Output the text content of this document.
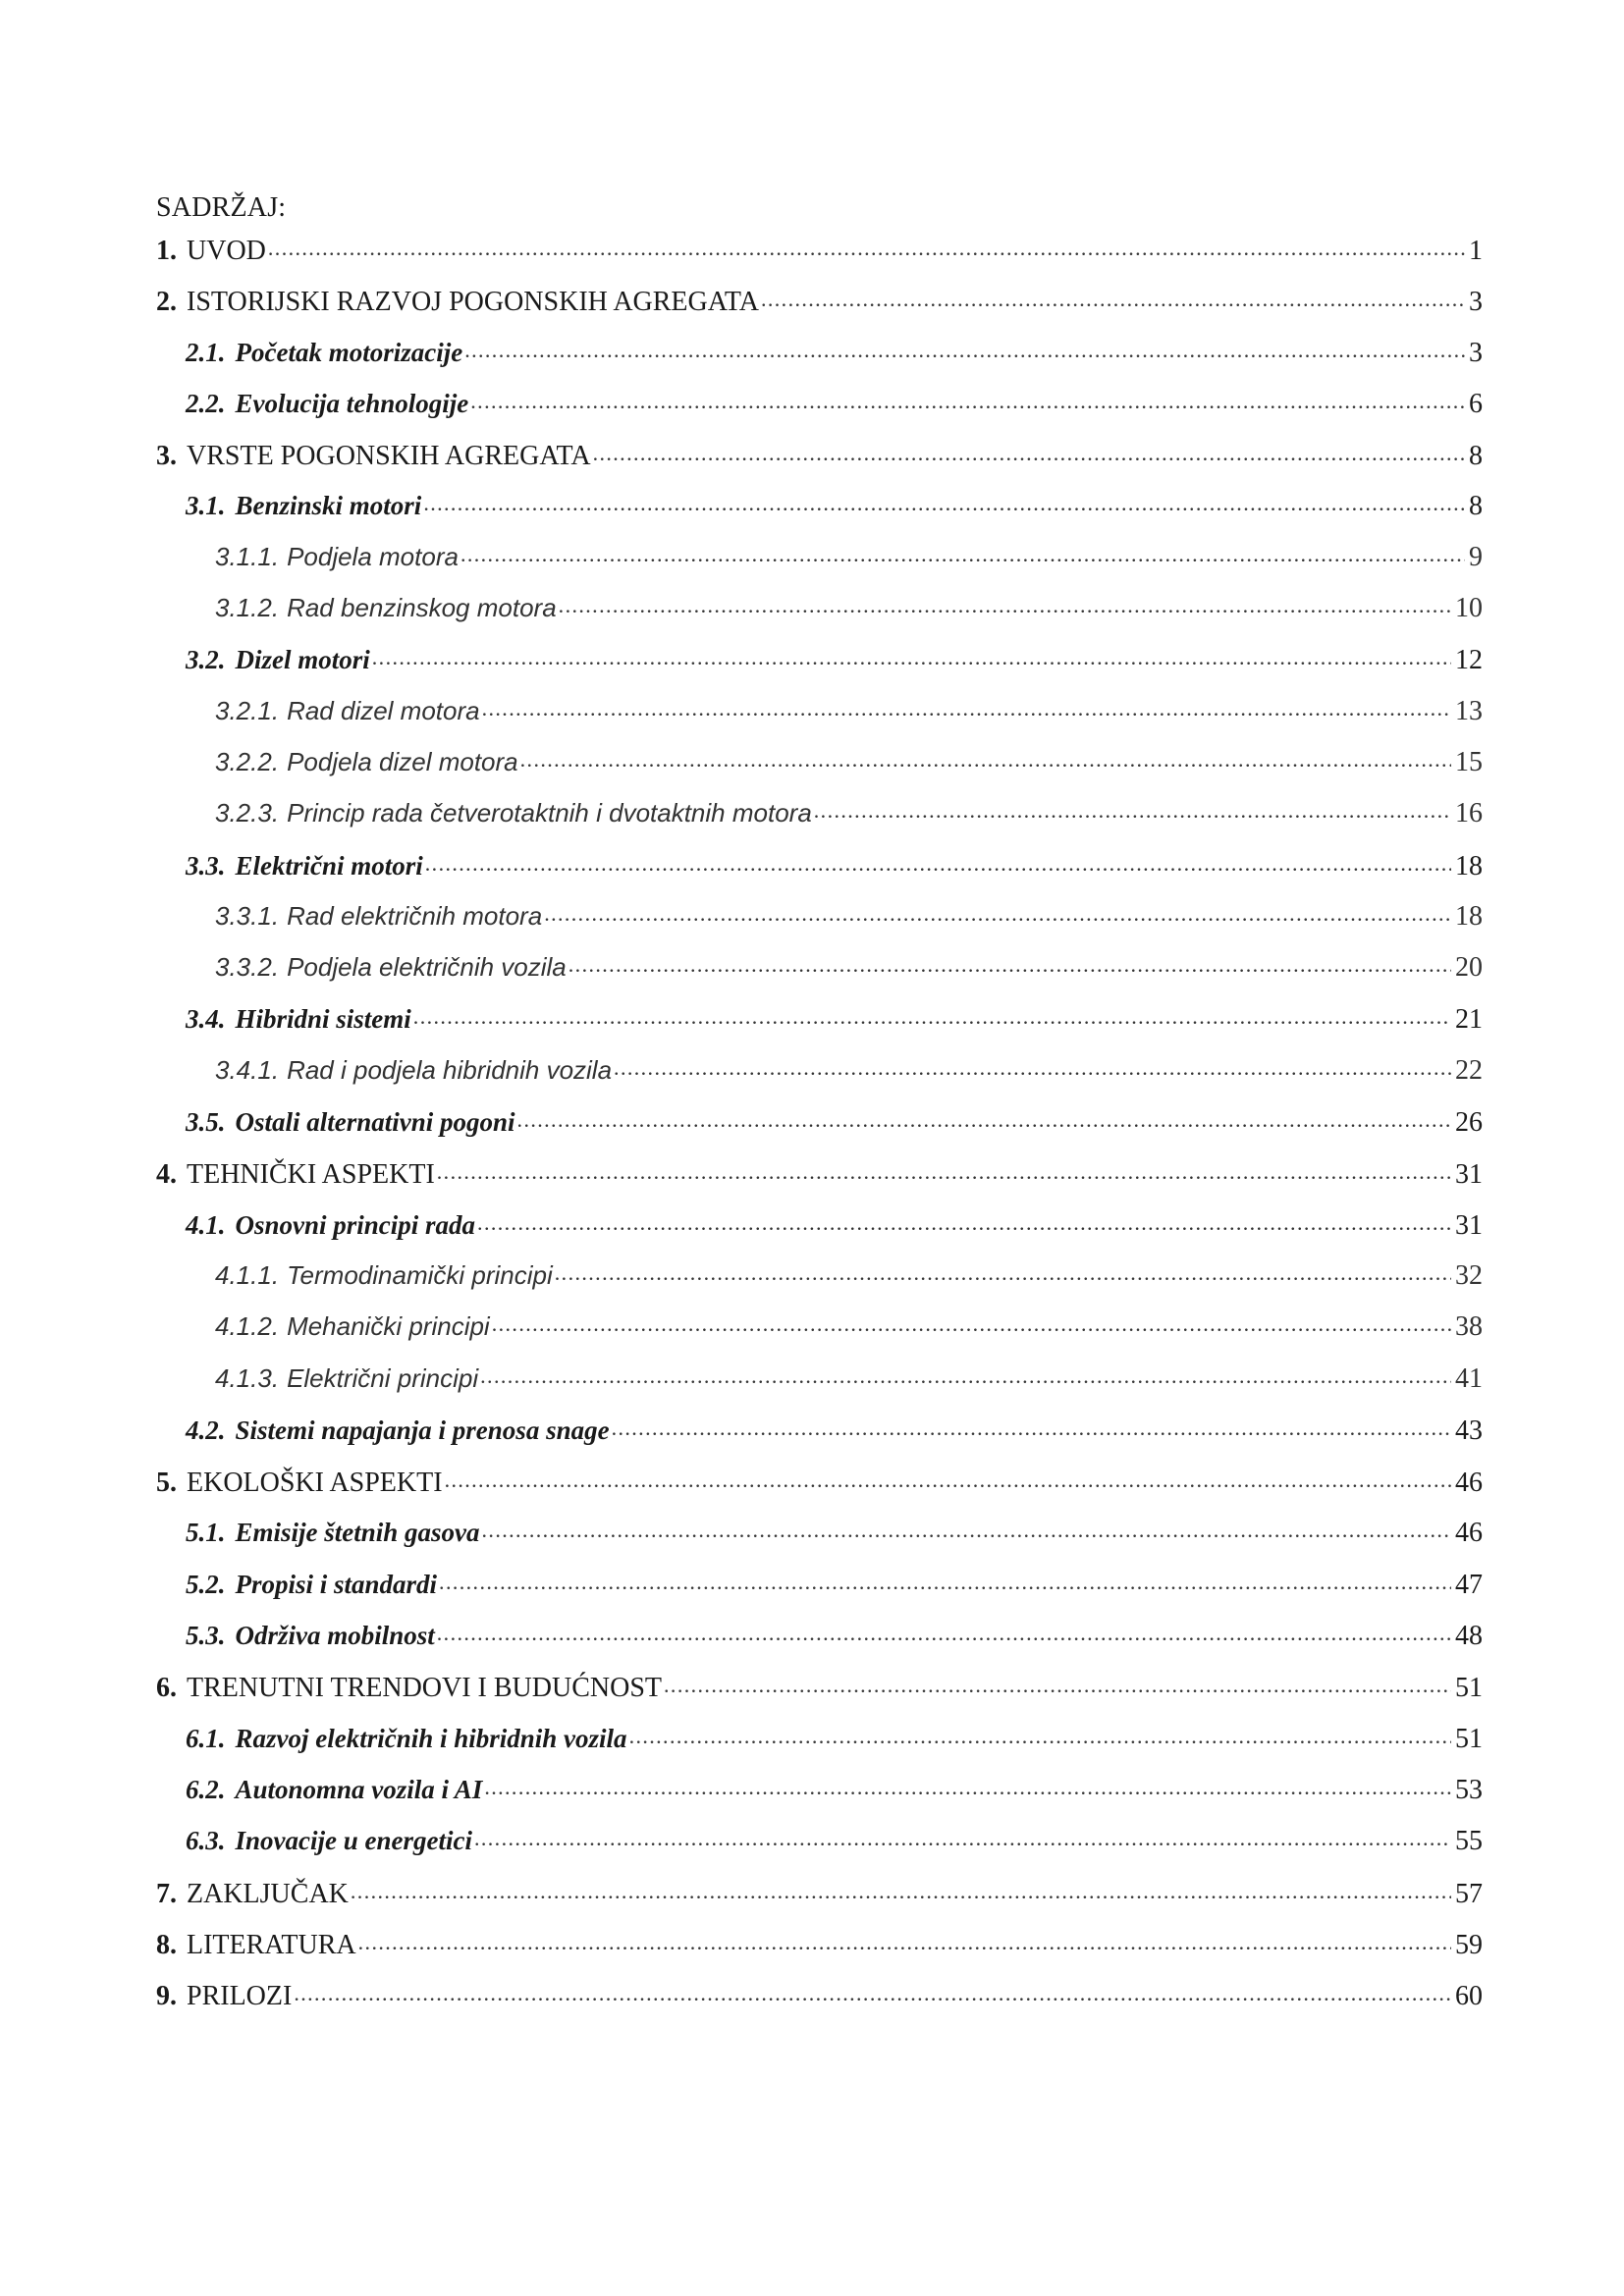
SADRŽAJ:
1. UVOD .....	1
2. ISTORIJSKI RAZVOJ POGONSKIH AGREGATA .....	3
2.1. Početak motorizacije .....	3
2.2. Evolucija tehnologije .....	6
3. VRSTE POGONSKIH AGREGATA .....	8
3.1. Benzinski motori .....	8
3.1.1. Podjela motora .....	9
3.1.2. Rad benzinskog motora .....	10
3.2. Dizel motori .....	12
3.2.1. Rad dizel motora .....	13
3.2.2. Podjela dizel motora .....	15
3.2.3. Princip rada četverotaktnih i dvotaktnih motora .....	16
3.3. Električni motori .....	18
3.3.1. Rad električnih motora .....	18
3.3.2. Podjela električnih vozila .....	20
3.4. Hibridni sistemi .....	21
3.4.1. Rad i podjela hibridnih vozila .....	22
3.5. Ostali alternativni pogoni .....	26
4. TEHNIČKI ASPEKTI .....	31
4.1. Osnovni principi rada .....	31
4.1.1. Termodinamički principi .....	32
4.1.2. Mehanički principi .....	38
4.1.3. Električni principi .....	41
4.2. Sistemi napajanja i prenosa snage .....	43
5. EKOLOŠKI ASPEKTI .....	46
5.1. Emisije štetnih gasova .....	46
5.2. Propisi i standardi .....	47
5.3. Održiva mobilnost .....	48
6. TRENUTNI TRENDOVI I BUDUĆNOST .....	51
6.1. Razvoj električnih i hibridnih vozila .....	51
6.2. Autonomna vozila i AI .....	53
6.3. Inovacije u energetici .....	55
7. ZAKLJUČAK .....	57
8. LITERATURA .....	59
9. PRILOZI .....	60
